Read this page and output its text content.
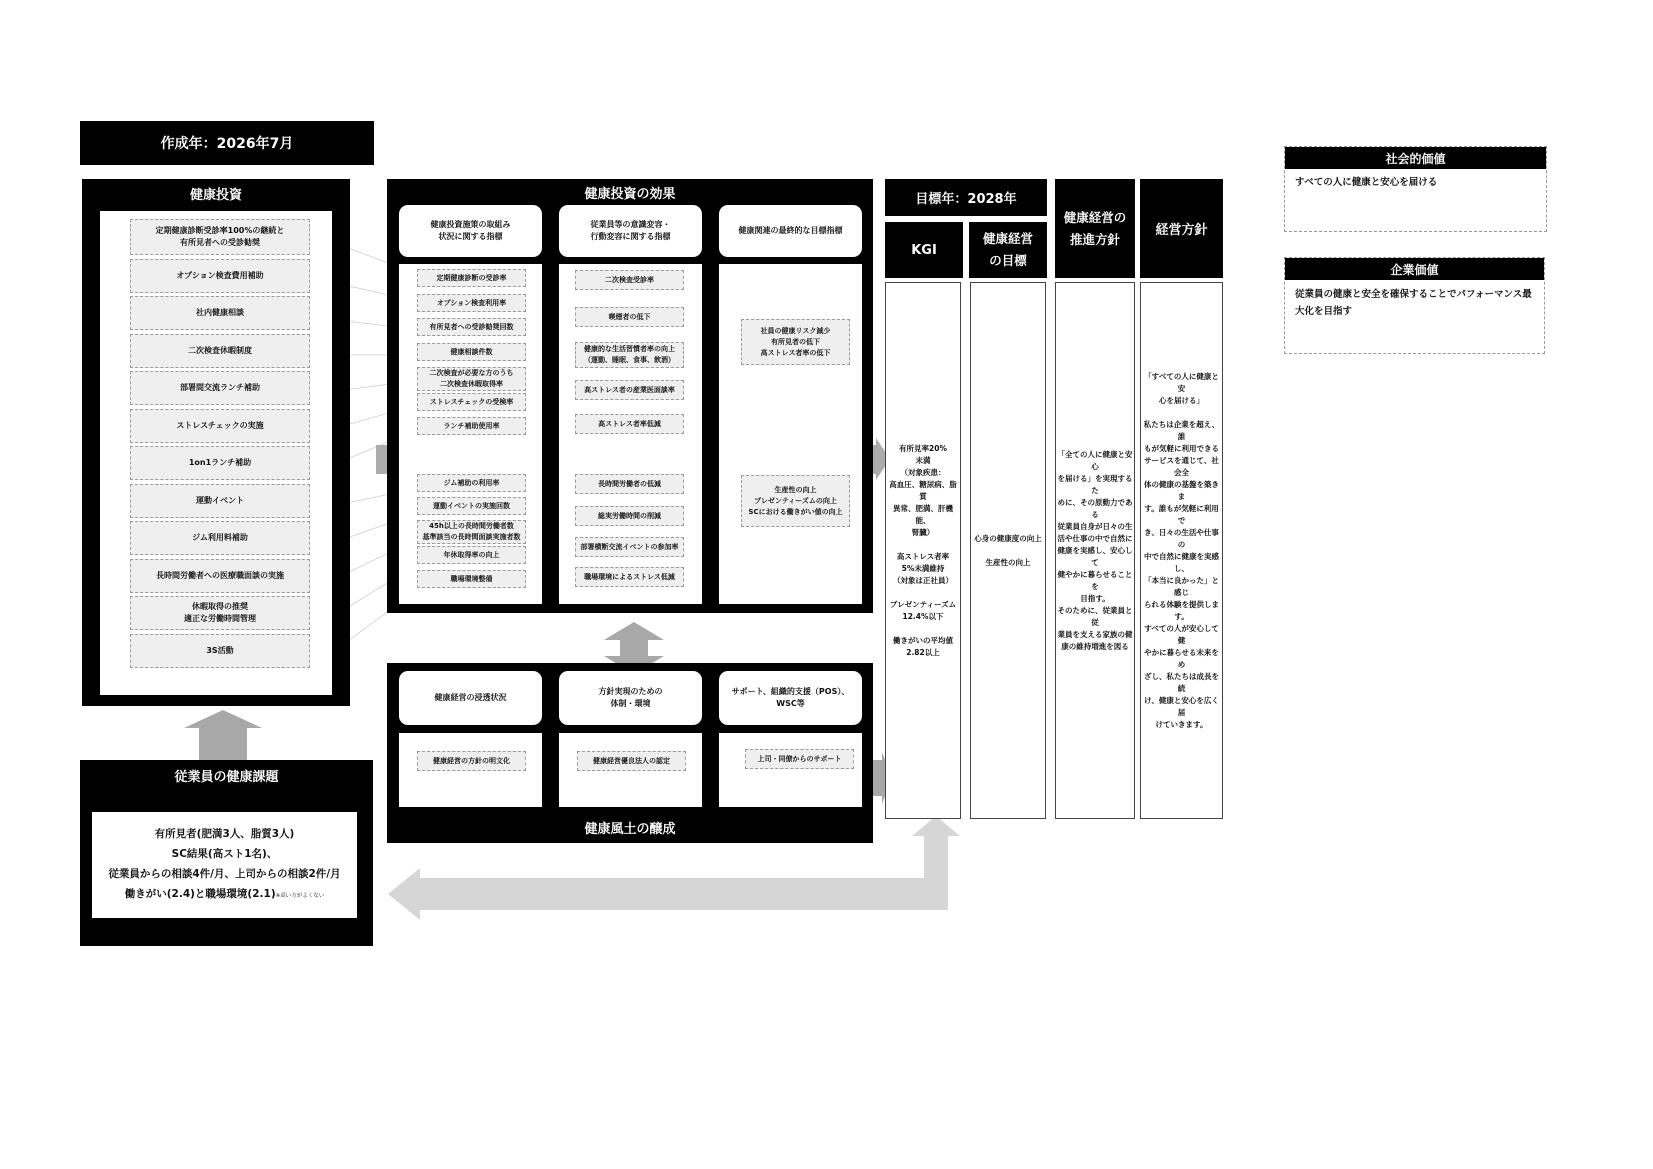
作成年：2026年7月
健康投資
定期健康診断受診率100%の継続と
有所見者への受診勧奨
オプション検査費用補助
社内健康相談
二次検査休暇制度
部署間交流ランチ補助
ストレスチェックの実施
1on1ランチ補助
運動イベント
ジム利用料補助
長時間労働者への医療職面談の実施
休暇取得の推奨
適正な労働時間管理
3S活動
健康投資の効果
健康投資施策の取組み
状況に関する指標
従業員等の意識変容・
行動変容に関する指標
健康関連の最終的な目標指標
定期健康診断の受診率
オプション検査利用率
有所見者への受診勧奨回数
健康相談件数
二次検査が必要な方のうち
二次検査休暇取得率
ストレスチェックの受検率
ランチ補助使用率
ジム補助の利用率
運動イベントの実施回数
45h以上の長時間労働者数
基準該当の長時間面談実施者数
年休取得率の向上
職場環境整備
二次検査受診率
喫煙者の低下
健康的な生活習慣者率の向上
（運動、睡眠、食事、飲酒）
高ストレス者の産業医面談率
高ストレス者率低減
長時間労働者の低減
総実労働時間の削減
部署横断交流イベントの参加率
職場環境によるストレス低減
社員の健康リスク減少
有所見者の低下
高ストレス者率の低下
生産性の向上
プレゼンティーズムの向上
SCにおける働きがい値の向上
健康経営の浸透状況
方針実現のための
体制・環境
サポート、組織的支援（POS）、
WSC等
健康経営の方針の明文化	健康経営優良法人の認定	上司・同僚からのサポート
健康風土の醸成
従業員の健康課題
有所見者(肥満3人、脂質3人)
SC結果(高スト1名)、
従業員からの相談4件/月、上司からの相談2件/月
働きがい(2.4)と職場環境(2.1)※高い方がよくない
目標年：2028年
KGI
健康経営
の目標
健康経営の
推進方針
経営方針
有所見率20%
未満
（対象疾患：
高血圧、糖尿病、脂質
異常、肥満、肝機能、
腎臓）

高ストレス者率
5%未満維持
（対象は正社員）

プレゼンティーズム
12.4%以下

働きがいの平均値
2.82以上
心身の健康度の向上

生産性の向上
「全ての人に健康と安心
を届ける」を実現するた
めに、その原動力である
従業員自身が日々の生
活や仕事の中で自然に
健康を実感し、安心して
健やかに暮らせることを
目指す。
そのために、従業員と従
業員を支える家族の健
康の維持増進を図る
「すべての人に健康と安
心を届ける」

私たちは企業を超え、誰
もが気軽に利用できる
サービスを通じて、社会全
体の健康の基盤を築きま
す。誰もが気軽に利用で
き、日々の生活や仕事の
中で自然に健康を実感し、
「本当に良かった」と感じ
られる体験を提供します。
すべての人が安心して健
やかに暮らせる未来をめ
ざし、私たちは成長を続
け、健康と安心を広く届
けていきます。
社会的価値
すべての人に健康と安心を届ける
企業価値
従業員の健康と安全を確保することでパフォーマンス最大化を目指す
